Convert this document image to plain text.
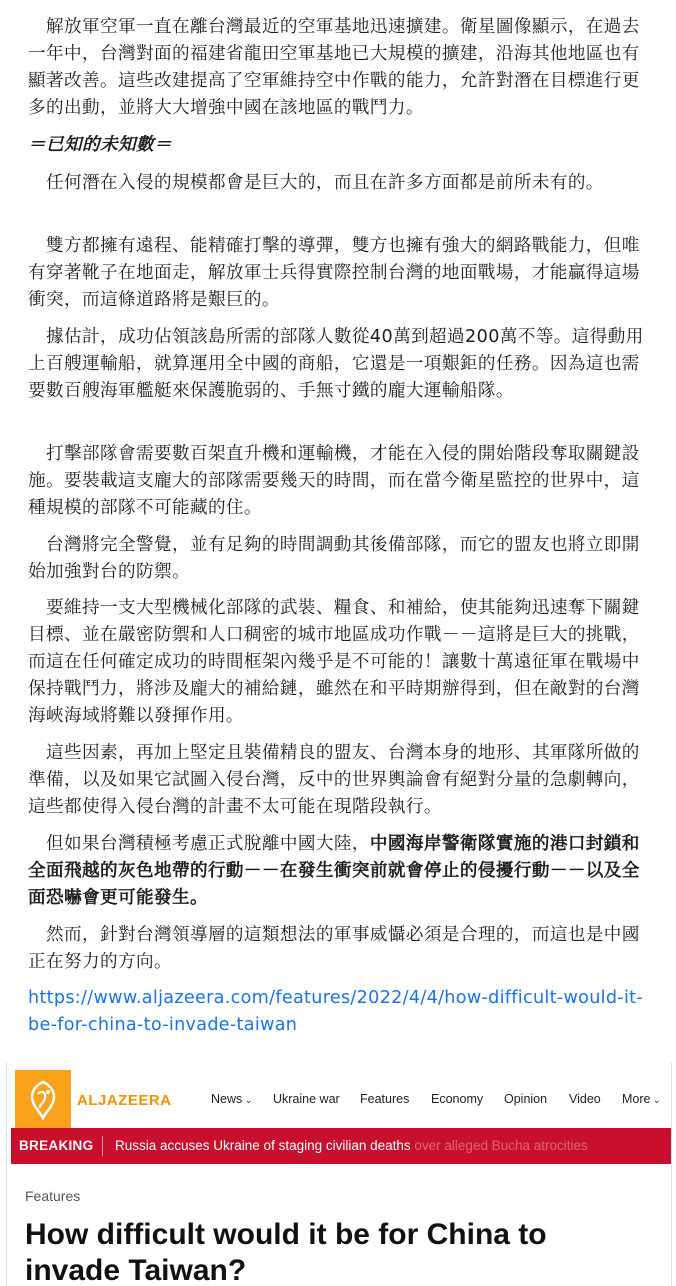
　解放軍空軍一直在離台灣最近的空軍基地迅速擴建。衛星圖像顯示，在過去一年中，台灣對面的福建省龍田空軍基地已大規模的擴建，沿海其他地區也有顯著改善。這些改建提高了空軍維持空中作戰的能力，允許對潛在目標進行更多的出動，並將大大增強中國在該地區的戰鬥力。

＝已知的未知數＝

　任何潛在入侵的規模都會是巨大的，而且在許多方面都是前所未有的。

　雙方都擁有遠程、能精確打擊的導彈，雙方也擁有強大的網路戰能力，但唯有穿著靴子在地面走，解放軍士兵得實際控制台灣的地面戰場，才能贏得這場衝突，而這條道路將是艱巨的。

　據估計，成功佔領該島所需的部隊人數從40萬到超過200萬不等。這得動用上百艘運輸船，就算運用全中國的商船，它還是一項艱鉅的任務。因為這也需要數百艘海軍艦艇來保護脆弱的、手無寸鐵的龐大運輸船隊。

　打擊部隊會需要數百架直升機和運輸機，才能在入侵的開始階段奪取關鍵設施。要裝載這支龐大的部隊需要幾天的時間，而在當今衛星監控的世界中，這種規模的部隊不可能藏的住。

　台灣將完全警覺，並有足夠的時間調動其後備部隊，而它的盟友也將立即開始加強對台的防禦。

　要維持一支大型機械化部隊的武裝、糧食、和補給，使其能夠迅速奪下關鍵目標、並在嚴密防禦和人口稠密的城市地區成功作戰－－這將是巨大的挑戰，而這在任何確定成功的時間框架內幾乎是不可能的！讓數十萬遠征軍在戰場中保持戰鬥力，將涉及龐大的補給鏈，雖然在和平時期辦得到，但在敵對的台灣海峽海域將難以發揮作用。

　這些因素，再加上堅定且裝備精良的盟友、台灣本身的地形、其軍隊所做的準備，以及如果它試圖入侵台灣，反中的世界輿論會有絕對分量的急劇轉向，這些都使得入侵台灣的計畫不太可能在現階段執行。

　但如果台灣積極考慮正式脫離中國大陸，中國海岸警衛隊實施的港口封鎖和全面飛越的灰色地帶的行動－－在發生衝突前就會停止的侵擾行動－－以及全面恐嚇會更可能發生。

　然而，針對台灣領導層的這類想法的軍事威懾必須是合理的，而這也是中國正在努力的方向。

https://www.aljazeera.com/features/2022/4/4/how-difficult-would-it-be-for-china-to-invade-taiwan
ALJAZEERA	News ⌄ Ukraine war Features Economy Opinion Video More ⌄
BREAKING Russia accuses Ukraine of staging civilian deaths over alleged Bucha atrocities
Features
How difficult would it be for China to invade Taiwan?
